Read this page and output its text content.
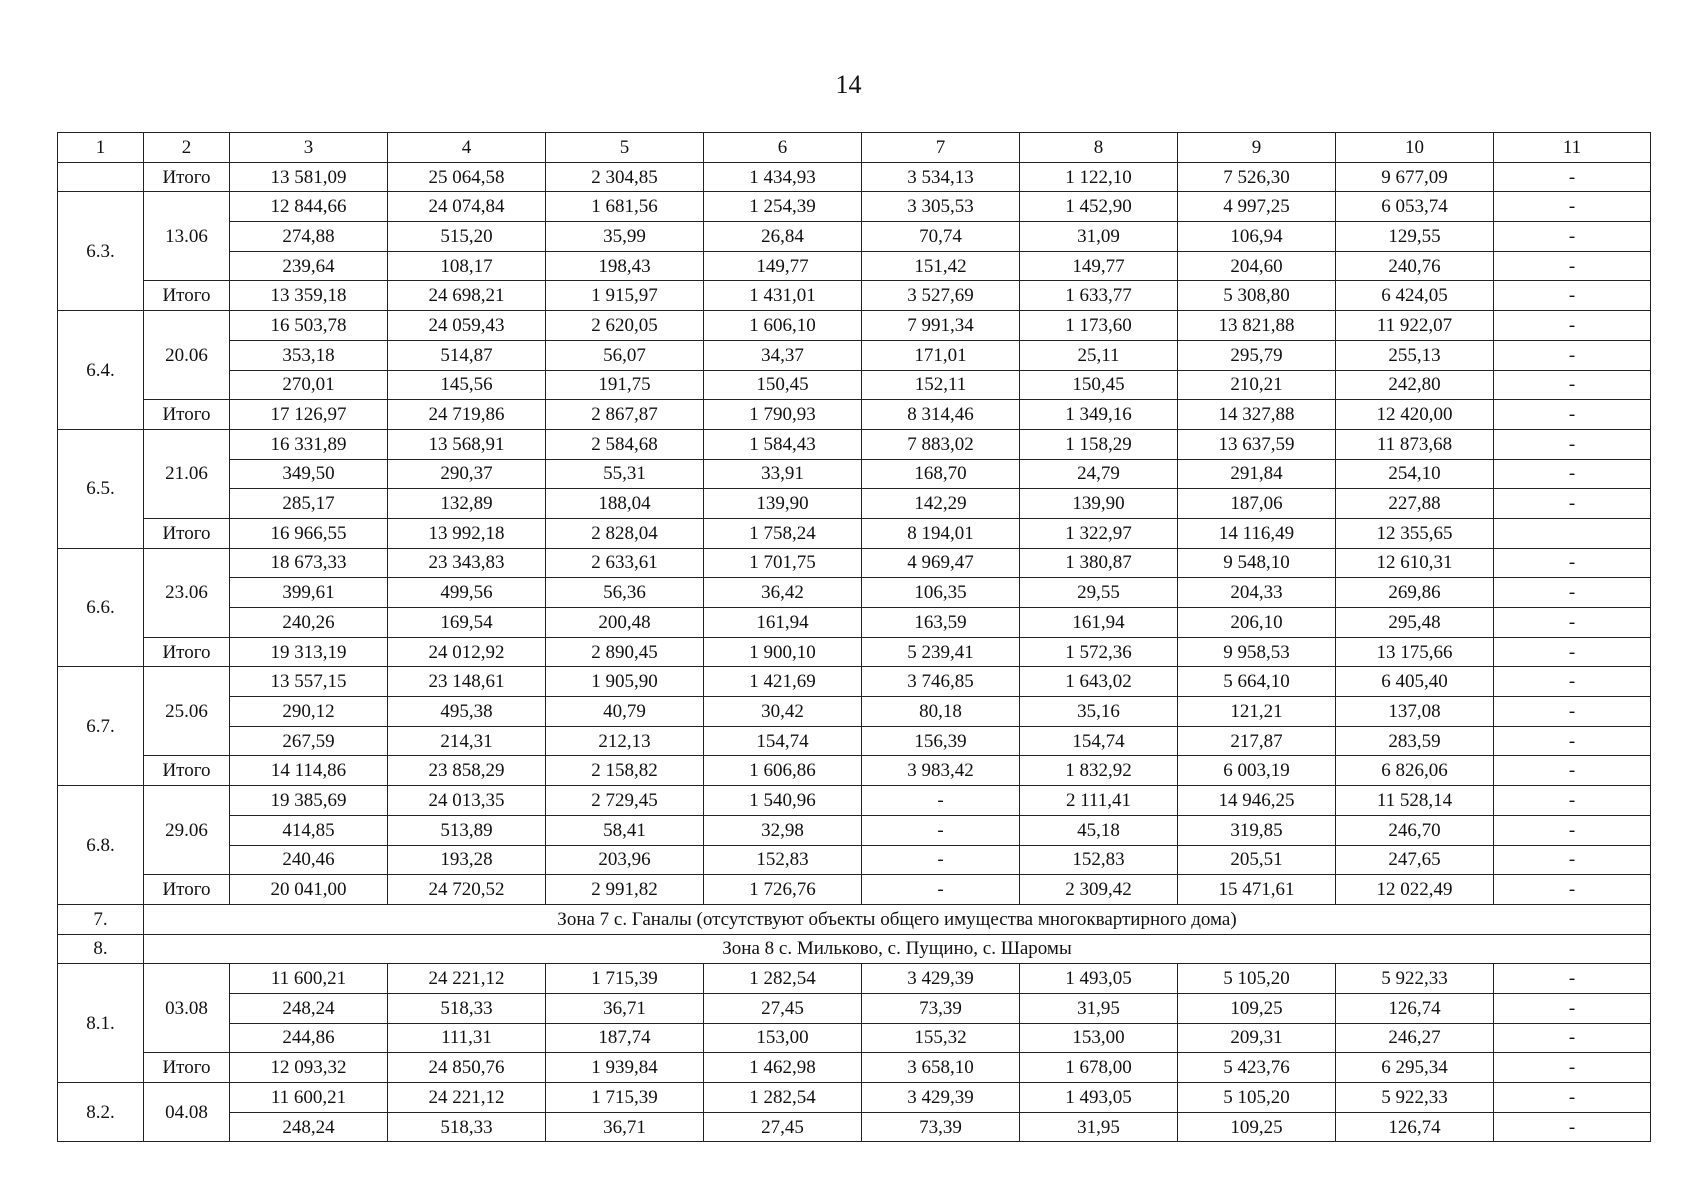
14
1	2	3	4	5	6	7	8	9	10	11
	Итого	13 581,09	25 064,58	2 304,85	1 434,93	3 534,13	1 122,10	7 526,30	9 677,09	-
6.3.	13.06	12 844,66	24 074,84	1 681,56	1 254,39	3 305,53	1 452,90	4 997,25	6 053,74	-
		274,88	515,20	35,99	26,84	70,74	31,09	106,94	129,55	-
		239,64	108,17	198,43	149,77	151,42	149,77	204,60	240,76	-
	Итого	13 359,18	24 698,21	1 915,97	1 431,01	3 527,69	1 633,77	5 308,80	6 424,05	-
6.4.	20.06	16 503,78	24 059,43	2 620,05	1 606,10	7 991,34	1 173,60	13 821,88	11 922,07	-
		353,18	514,87	56,07	34,37	171,01	25,11	295,79	255,13	-
		270,01	145,56	191,75	150,45	152,11	150,45	210,21	242,80	-
	Итого	17 126,97	24 719,86	2 867,87	1 790,93	8 314,46	1 349,16	14 327,88	12 420,00	-
6.5.	21.06	16 331,89	13 568,91	2 584,68	1 584,43	7 883,02	1 158,29	13 637,59	11 873,68	-
		349,50	290,37	55,31	33,91	168,70	24,79	291,84	254,10	-
		285,17	132,89	188,04	139,90	142,29	139,90	187,06	227,88	-
	Итого	16 966,55	13 992,18	2 828,04	1 758,24	8 194,01	1 322,97	14 116,49	12 355,65	
6.6.	23.06	18 673,33	23 343,83	2 633,61	1 701,75	4 969,47	1 380,87	9 548,10	12 610,31	-
		399,61	499,56	56,36	36,42	106,35	29,55	204,33	269,86	-
		240,26	169,54	200,48	161,94	163,59	161,94	206,10	295,48	-
	Итого	19 313,19	24 012,92	2 890,45	1 900,10	5 239,41	1 572,36	9 958,53	13 175,66	-
6.7.	25.06	13 557,15	23 148,61	1 905,90	1 421,69	3 746,85	1 643,02	5 664,10	6 405,40	-
		290,12	495,38	40,79	30,42	80,18	35,16	121,21	137,08	-
		267,59	214,31	212,13	154,74	156,39	154,74	217,87	283,59	-
	Итого	14 114,86	23 858,29	2 158,82	1 606,86	3 983,42	1 832,92	6 003,19	6 826,06	-
6.8.	29.06	19 385,69	24 013,35	2 729,45	1 540,96	-	2 111,41	14 946,25	11 528,14	-
		414,85	513,89	58,41	32,98	-	45,18	319,85	246,70	-
		240,46	193,28	203,96	152,83	-	152,83	205,51	247,65	-
	Итого	20 041,00	24 720,52	2 991,82	1 726,76	-	2 309,42	15 471,61	12 022,49	-
7.	Зона 7 с. Ганалы (отсутствуют объекты общего имущества многоквартирного дома)									
8.	Зона 8 с. Мильково, с. Пущино, с. Шаромы									
8.1.	03.08	11 600,21	24 221,12	1 715,39	1 282,54	3 429,39	1 493,05	5 105,20	5 922,33	-
		248,24	518,33	36,71	27,45	73,39	31,95	109,25	126,74	-
		244,86	111,31	187,74	153,00	155,32	153,00	209,31	246,27	-
	Итого	12 093,32	24 850,76	1 939,84	1 462,98	3 658,10	1 678,00	5 423,76	6 295,34	-
8.2.	04.08	11 600,21	24 221,12	1 715,39	1 282,54	3 429,39	1 493,05	5 105,20	5 922,33	-
		248,24	518,33	36,71	27,45	73,39	31,95	109,25	126,74	-
